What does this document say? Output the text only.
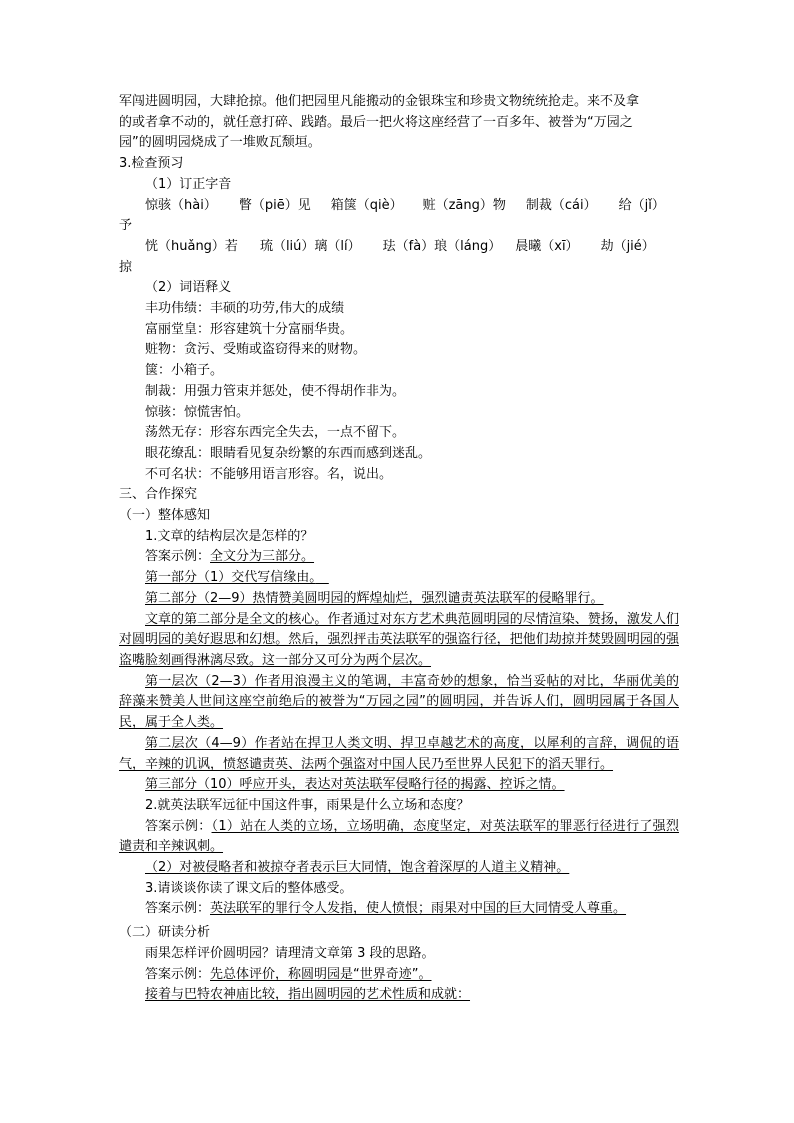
军闯进圆明园，大肆抢掠。他们把园里凡能搬动的金银珠宝和珍贵文物统统抢走。来不及拿

的或者拿不动的，就任意打碎、践踏。最后一把火将这座经营了一百多年、被誉为“万园之

园”的圆明园烧成了一堆败瓦颓垣。

3.检查预习

（1）订正字音

惊骇（hài） 瞥（piē）见 箱箧（qiè） 赃（zāng）物 制裁（cái） 给（jǐ）

予

恍（huǎng）若 琉（liú）璃（lí） 珐（fà）琅（láng） 晨曦（xī） 劫（jié）

掠

（2）词语释义

丰功伟绩：丰硕的功劳,伟大的成绩

富丽堂皇：形容建筑十分富丽华贵。

赃物：贪污、受贿或盗窃得来的财物。

箧：小箱子。

制裁：用强力管束并惩处，使不得胡作非为。

惊骇：惊慌害怕。

荡然无存：形容东西完全失去，一点不留下。

眼花缭乱：眼睛看见复杂纷繁的东西而感到迷乱。

不可名状：不能够用语言形容。名，说出。

三、合作探究

（一）整体感知

1.文章的结构层次是怎样的？

答案示例：全文分为三部分。

第一部分（1）交代写信缘由。　

第二部分（2—9）热情赞美圆明园的辉煌灿烂，强烈谴责英法联军的侵略罪行。

文章的第二部分是全文的核心。作者通过对东方艺术典范圆明园的尽情渲染、赞扬，激发人们对圆明园的美好遐思和幻想。然后，强烈抨击英法联军的强盗行径，把他们劫掠并焚毁圆明园的强盗嘴脸刻画得淋漓尽致。这一部分又可分为两个层次。

第一层次（2—3）作者用浪漫主义的笔调，丰富奇妙的想象，恰当妥帖的对比，华丽优美的辞藻来赞美人世间这座空前绝后的被誉为“万园之园”的圆明园，并告诉人们，圆明园属于各国人民，属于全人类。

第二层次（4—9）作者站在捍卫人类文明、捍卫卓越艺术的高度，以犀利的言辞，调侃的语气，辛辣的讥讽，愤怒谴责英、法两个强盗对中国人民乃至世界人民犯下的滔天罪行。

第三部分（10）呼应开头，表达对英法联军侵略行径的揭露、控诉之情。

2.就英法联军远征中国这件事，雨果是什么立场和态度？

答案示例：（1）站在人类的立场，立场明确，态度坚定，对英法联军的罪恶行径进行了强烈谴责和辛辣讽刺。

（2）对被侵略者和被掠夺者表示巨大同情，饱含着深厚的人道主义精神。

3.请谈谈你读了课文后的整体感受。

答案示例：英法联军的罪行令人发指，使人愤恨；雨果对中国的巨大同情受人尊重。

（二）研读分析

雨果怎样评价圆明园？请理清文章第 3 段的思路。

答案示例：先总体评价，称圆明园是“世界奇迹”。

接着与巴特农神庙比较，指出圆明园的艺术性质和成就：
